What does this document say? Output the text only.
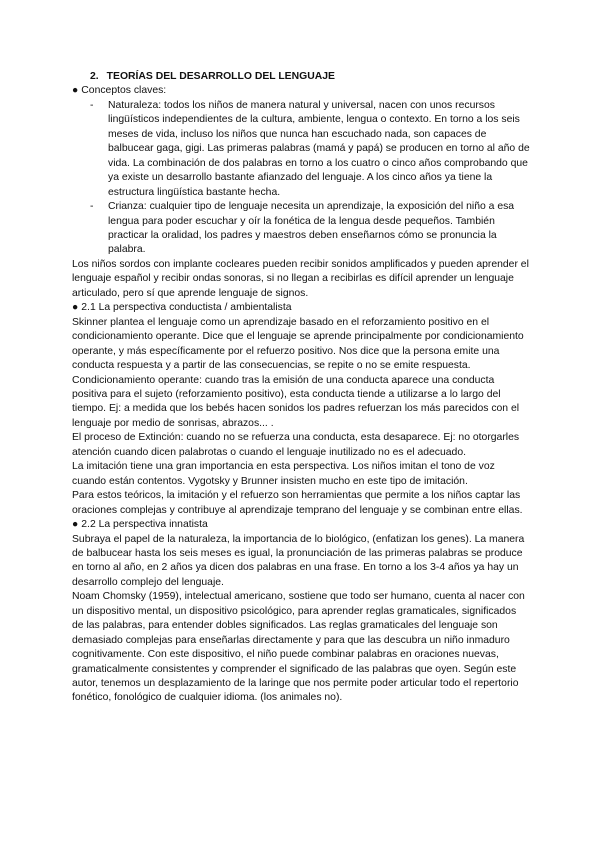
2. TEORÍAS DEL DESARROLLO DEL LENGUAJE

● Conceptos claves:

- Naturaleza: todos los niños de manera natural y universal, nacen con unos recursos lingüísticos independientes de la cultura, ambiente, lengua o contexto. En torno a los seis meses de vida, incluso los niños que nunca han escuchado nada, son capaces de balbucear gaga, gigi. Las primeras palabras (mamá y papá) se producen en torno al año de vida. La combinación de dos palabras en torno a los cuatro o cinco años comprobando que ya existe un desarrollo bastante afianzado del lenguaje. A los cinco años ya tiene la estructura lingüística bastante hecha.
- Crianza: cualquier tipo de lenguaje necesita un aprendizaje, la exposición del niño a esa lengua para poder escuchar y oír la fonética de la lengua desde pequeños. También practicar la oralidad, los padres y maestros deben enseñarnos cómo se pronuncia la palabra.

Los niños sordos con implante cocleares pueden recibir sonidos amplificados y pueden aprender el lenguaje español y recibir ondas sonoras, si no llegan a recibirlas es difícil aprender un lenguaje articulado, pero sí que aprende lenguaje de signos.

● 2.1 La perspectiva conductista / ambientalista

Skinner plantea el lenguaje como un aprendizaje basado en el reforzamiento positivo en el condicionamiento operante. Dice que el lenguaje se aprende principalmente por condicionamiento operante, y más específicamente por el refuerzo positivo. Nos dice que la persona emite una conducta respuesta y a partir de las consecuencias, se repite o no se emite respuesta.

Condicionamiento operante: cuando tras la emisión de una conducta aparece una conducta positiva para el sujeto (reforzamiento positivo), esta conducta tiende a utilizarse a lo largo del tiempo. Ej: a medida que los bebés hacen sonidos los padres refuerzan los más parecidos con el lenguaje por medio de sonrisas, abrazos... .

El proceso de Extinción: cuando no se refuerza una conducta, esta desaparece. Ej: no otorgarles atención cuando dicen palabrotas o cuando el lenguaje inutilizado no es el adecuado.

La imitación tiene una gran importancia en esta perspectiva. Los niños imitan el tono de voz cuando están contentos. Vygotsky y Brunner insisten mucho en este tipo de imitación.

Para estos teóricos, la imitación y el refuerzo son herramientas que permite a los niños captar las oraciones complejas y contribuye al aprendizaje temprano del lenguaje y se combinan entre ellas.

● 2.2 La perspectiva innatista

Subraya el papel de la naturaleza, la importancia de lo biológico, (enfatizan los genes). La manera de balbucear hasta los seis meses es igual, la pronunciación de las primeras palabras se produce en torno al año, en 2 años ya dicen dos palabras en una frase. En torno a los 3-4 años ya hay un desarrollo complejo del lenguaje.

Noam Chomsky (1959), intelectual americano, sostiene que todo ser humano, cuenta al nacer con un dispositivo mental, un dispositivo psicológico, para aprender reglas gramaticales, significados de las palabras, para entender dobles significados. Las reglas gramaticales del lenguaje son demasiado complejas para enseñarlas directamente y para que las descubra un niño inmaduro cognitivamente. Con este dispositivo, el niño puede combinar palabras en oraciones nuevas, gramaticalmente consistentes y comprender el significado de las palabras que oyen. Según este autor, tenemos un desplazamiento de la laringe que nos permite poder articular todo el repertorio fonético, fonológico de cualquier idioma. (los animales no).
